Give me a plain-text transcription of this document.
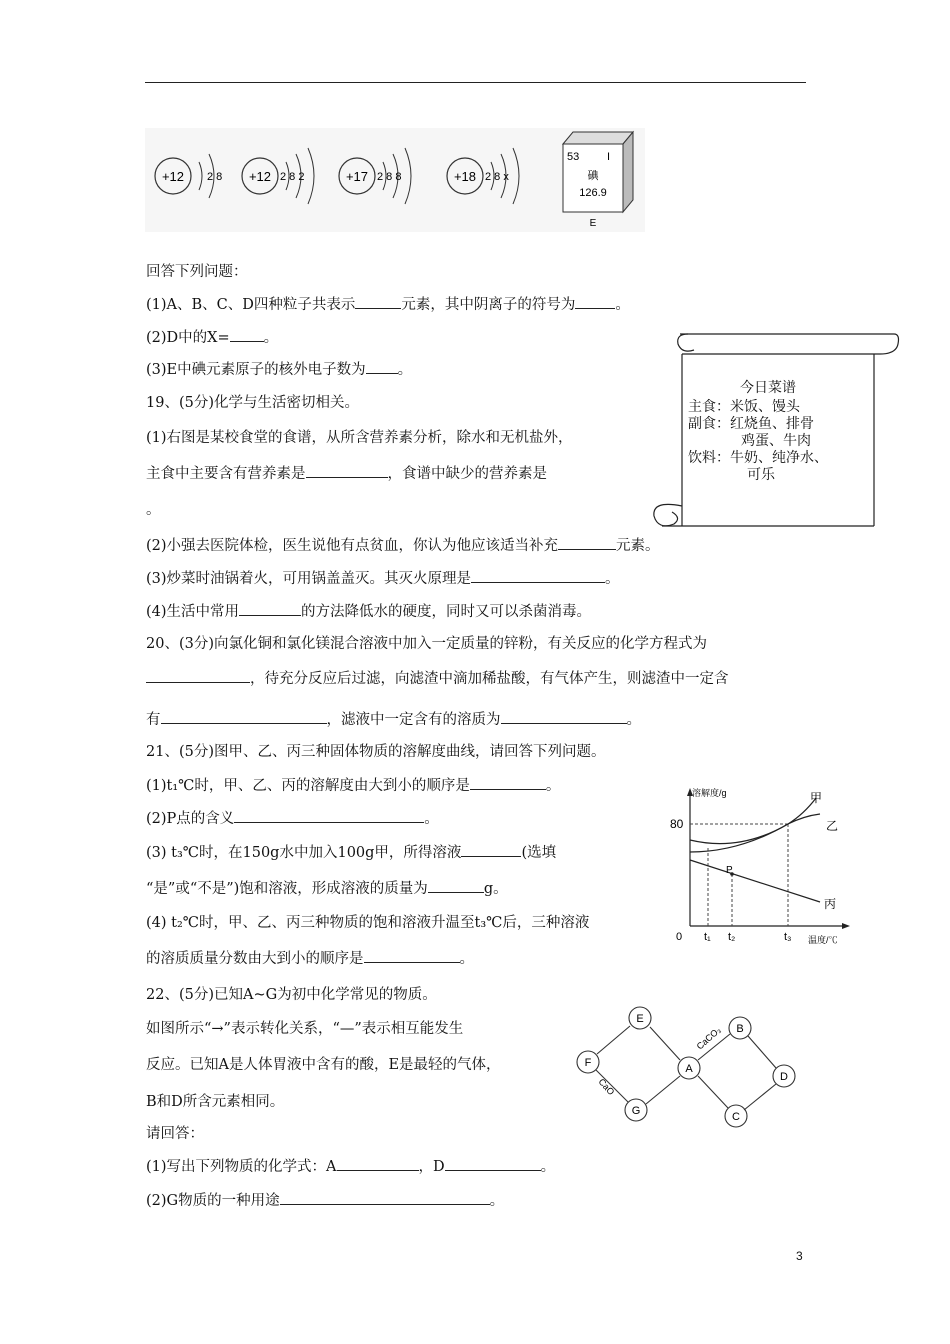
+12 2 8 +12 2 8 2	+17 2 8 8	+18 2 8 x
53	I
碘
126.9
E
回答下列问题：
(1)A、B、C、D四种粒子共表示	元素，其中阴离子的符号为	。
(2)D中的X= 。
(3)E中碘元素原子的核外电子数为 。
19、(5分)化学与生活密切相关。
(1)右图是某校食堂的食谱，从所含营养素分析，除水和无机盐外，
主食中主要含有营养素是	，食谱中缺少的营养素是
。
今日菜谱
主食：米饭、馒头
副食：红烧鱼、排骨
鸡蛋、牛肉
饮料：牛奶、纯净水、
可乐
(2)小强去医院体检，医生说他有点贫血，你认为他应该适当补充	元素。
(3)炒菜时油锅着火，可用锅盖盖灭。其灭火原理是	。
(4)生活中常用	的方法降低水的硬度，同时又可以杀菌消毒。
20、(3分)向氯化铜和氯化镁混合溶液中加入一定质量的锌粉，有关反应的化学方程式为
，待充分反应后过滤，向滤渣中滴加稀盐酸，有气体产生，则滤渣中一定含
有	，滤液中一定含有的溶质为	。
21、(5分)图甲、乙、丙三种固体物质的溶解度曲线，请回答下列问题。
(1)t₁℃时，甲、乙、丙的溶解度由大到小的顺序是	。
(2)P点的含义	。
(3) t₃℃时，在150g水中加入100g甲，所得溶液	(选填
“是”或“不是”)饱和溶液，形成溶液的质量为	g。
(4) t₂℃时，甲、乙、丙三种物质的饱和溶液升温至t₃℃后，三种溶液
的溶质质量分数由大到小的顺序是	。
溶解度/g
温度/℃
0
80
t₁ t₂	t₃
P
甲
乙
丙
22、(5分)已知A~G为初中化学常见的物质。
如图所示“→”表示转化关系，“—”表示相互能发生
反应。已知A是人体胃液中含有的酸，E是最轻的气体，
B和D所含元素相同。
请回答：
(1)写出下列物质的化学式：A	，D	。
(2)G物质的一种用途	。
E
F	A
G
B
D
C
CaCO₃
CaO
3
